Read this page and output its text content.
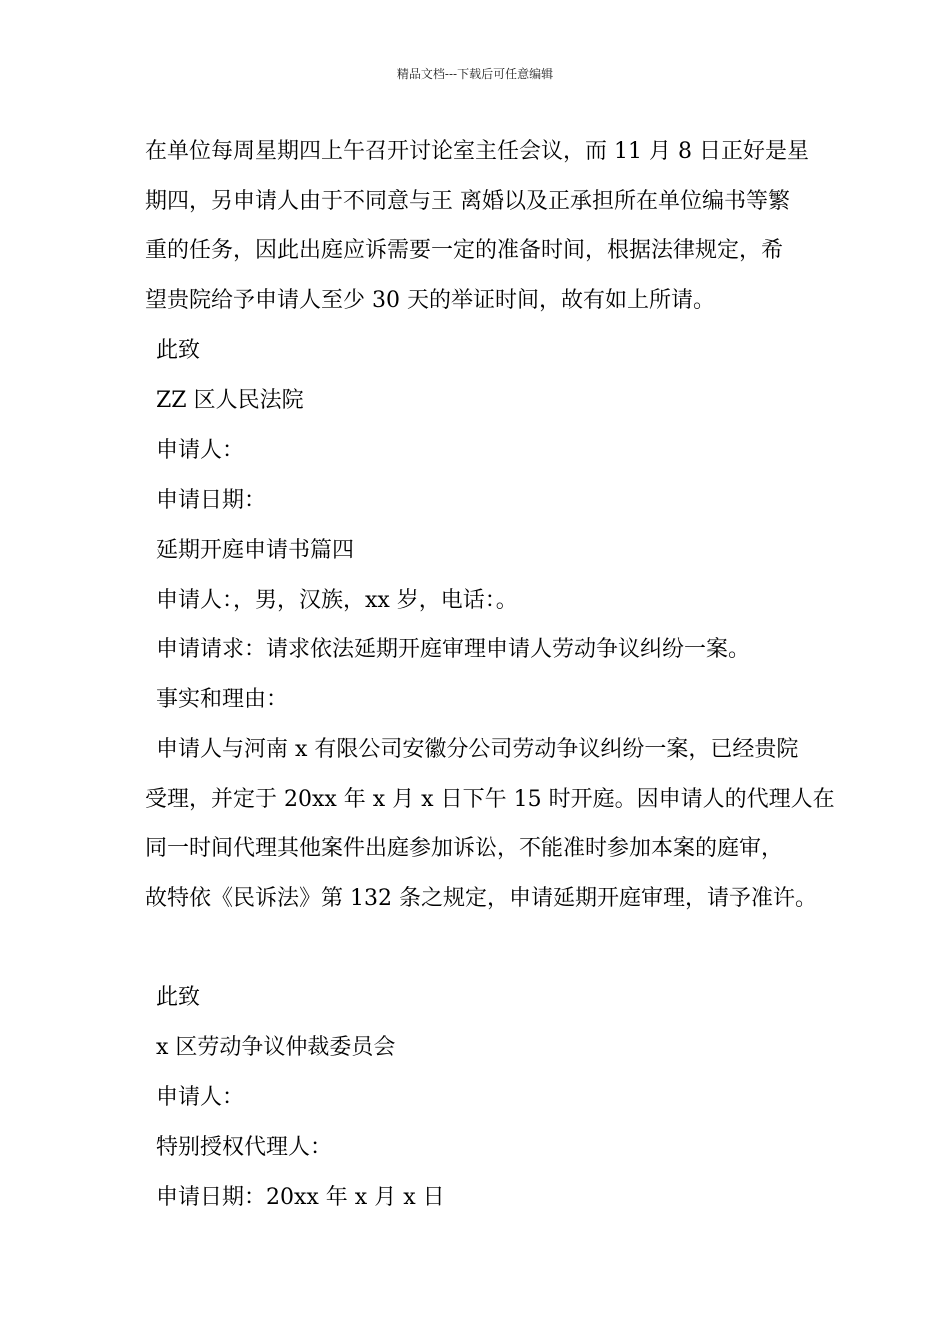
精品文档---下载后可任意编辑
在单位每周星期四上午召开讨论室主任会议，而 11 月 8 日正好是星
期四，另申请人由于不同意与王 离婚以及正承担所在单位编书等繁
重的任务，因此出庭应诉需要一定的准备时间，根据法律规定，希
望贵院给予申请人至少 30 天的举证时间，故有如上所请。
此致
ZZ 区人民法院
申请人：
申请日期：
延期开庭申请书篇四
申请人：，男，汉族，xx 岁，电话：。
申请请求：请求依法延期开庭审理申请人劳动争议纠纷一案。
事实和理由：
申请人与河南 x 有限公司安徽分公司劳动争议纠纷一案，已经贵院
受理，并定于 20xx 年 x 月 x 日下午 15 时开庭。因申请人的代理人在
同一时间代理其他案件出庭参加诉讼，不能准时参加本案的庭审，
故特依《民诉法》第 132 条之规定，申请延期开庭审理，请予准许。
此致
x 区劳动争议仲裁委员会
申请人：
特别授权代理人：
申请日期：20xx 年 x 月 x 日
